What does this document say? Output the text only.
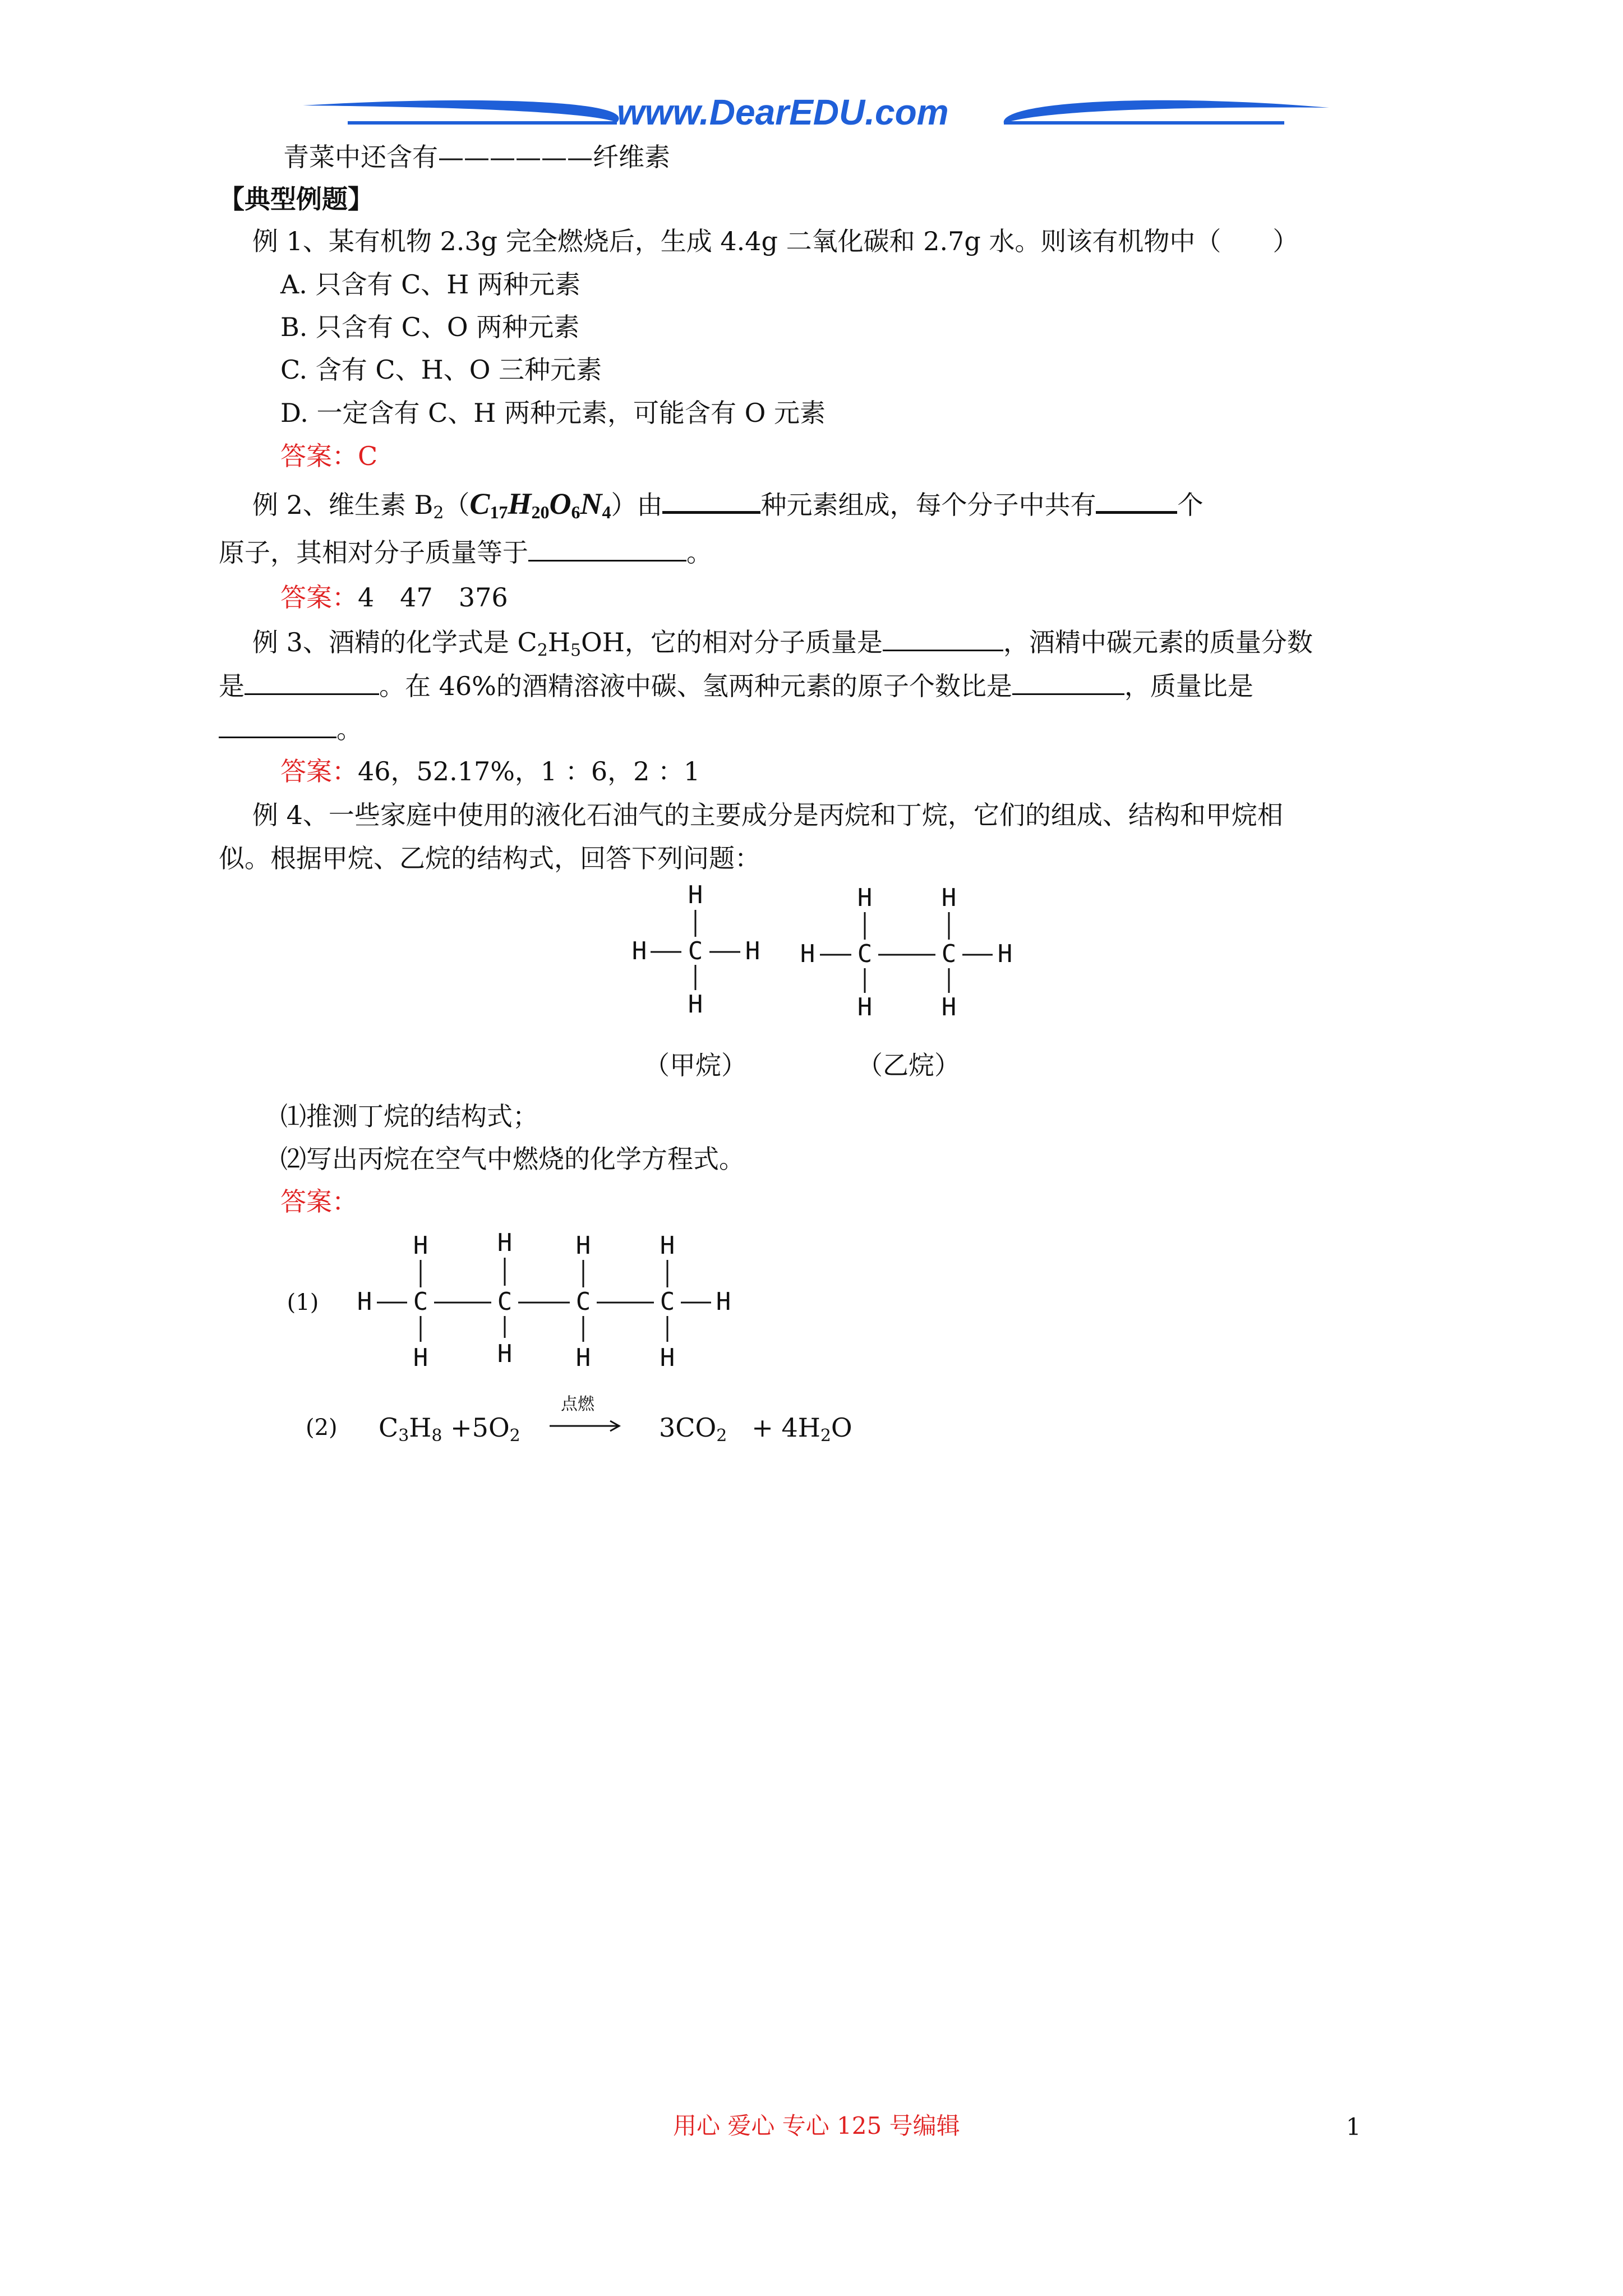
www.DearEDU.com
青菜中还含有——————纤维素
【典型例题】
例 1、某有机物 2.3g 完全燃烧后，生成 4.4g 二氧化碳和 2.7g 水。则该有机物中（　　）
A. 只含有 C、H 两种元素
B. 只含有 C、O 两种元素
C. 含有 C、H、O 三种元素
D. 一定含有 C、H 两种元素，可能含有 O 元素
答案：C
例 2、维生素 $B_2(C_{17}H_{20}O_6N_4)$由	种元素组成，每个分子中共有	个
原子，其相对分子质量等于	。
答案：4　47　376
例 3、酒精的化学式是 $C_2H_5OH$，它的相对分子质量是	，酒精中碳元素的质量分数
是	。在 46%的酒精溶液中碳、氢两种元素的原子个数比是	，质量比是
。
答案：46，52.17%，1 ：6，2 ：1
例 4、一些家庭中使用的液化石油气的主要成分是丙烷和丁烷，它们的组成、结构和甲烷相
似。根据甲烷、乙烷的结构式，回答下列问题：
H
H C H
H
H	H
H C	C H
H	H
（甲烷）	（乙烷）
⑴推测丁烷的结构式；
⑵写出丙烷在空气中燃烧的化学方程式。
答案：
(1)
H	H	H	H
H C	C	C	C H
H	H	H	H
(2) $C_3H_8 +5O_2$
点燃
$3CO_2 + 4H_2O$
用心 爱心 专心 125 号编辑	1
